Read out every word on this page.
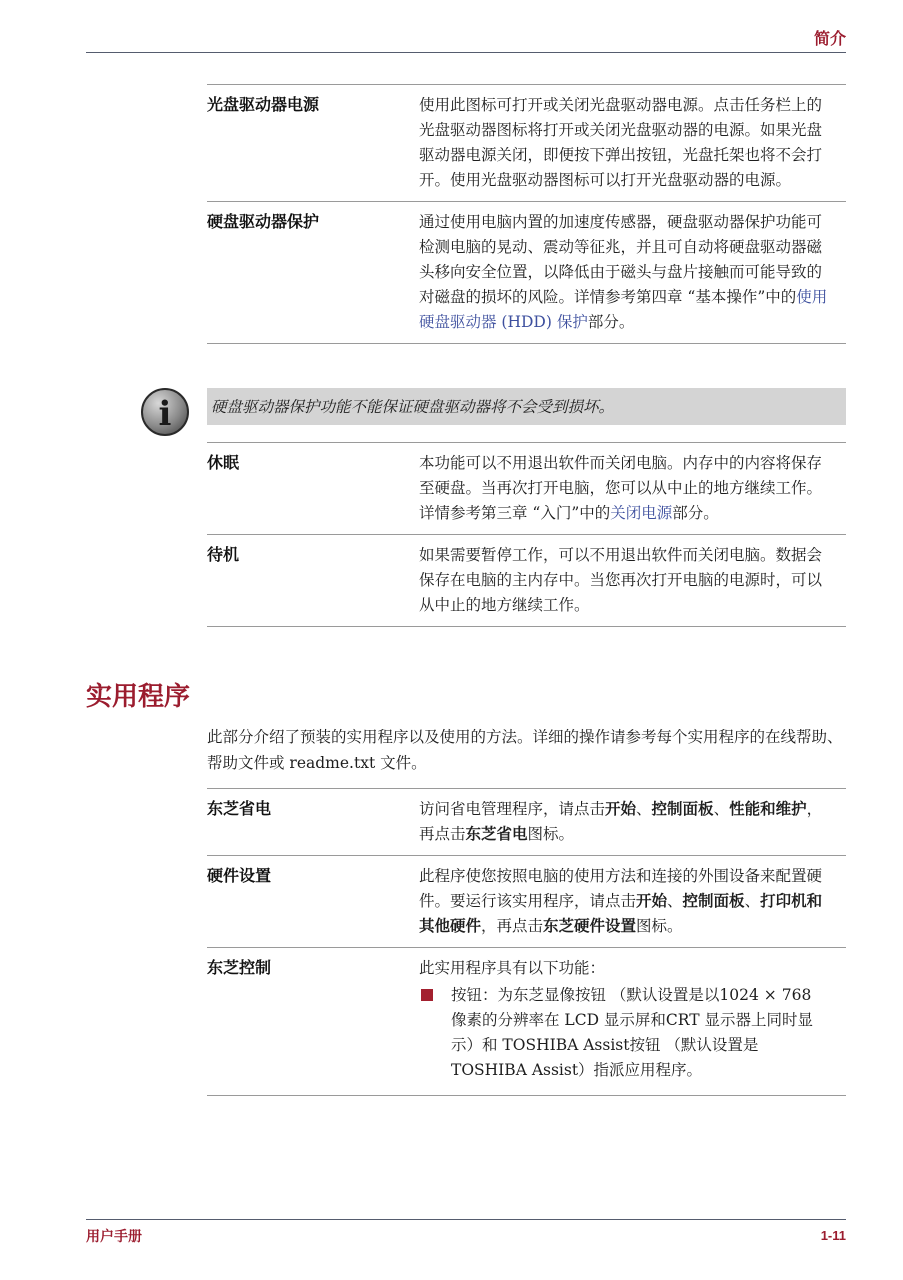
简介
光盘驱动器电源	使用此图标可打开或关闭光盘驱动器电源。点击任务栏上的光盘驱动器图标将打开或关闭光盘驱动器的电源。如果光盘驱动器电源关闭，即便按下弹出按钮，光盘托架也将不会打开。使用光盘驱动器图标可以打开光盘驱动器的电源。
硬盘驱动器保护	通过使用电脑内置的加速度传感器，硬盘驱动器保护功能可检测电脑的晃动、震动等征兆，并且可自动将硬盘驱动器磁头移向安全位置，以降低由于磁头与盘片接触而可能导致的对磁盘的损坏的风险。详情参考第四章 “基本操作”中的使用硬盘驱动器 (HDD) 保护部分。
i	硬盘驱动器保护功能不能保证硬盘驱动器将不会受到损坏。
休眠	本功能可以不用退出软件而关闭电脑。内存中的内容将保存至硬盘。当再次打开电脑，您可以从中止的地方继续工作。详情参考第三章 “入门”中的关闭电源部分。
待机	如果需要暂停工作，可以不用退出软件而关闭电脑。数据会保存在电脑的主内存中。当您再次打开电脑的电源时，可以从中止的地方继续工作。
实用程序
此部分介绍了预装的实用程序以及使用的方法。详细的操作请参考每个实用程序的在线帮助、帮助文件或 readme.txt 文件。
东芝省电	访问省电管理程序，请点击开始、控制面板、性能和维护，再点击东芝省电图标。
硬件设置	此程序使您按照电脑的使用方法和连接的外围设备来配置硬件。要运行该实用程序，请点击开始、控制面板、打印机和其他硬件，再点击东芝硬件设置图标。
东芝控制	此实用程序具有以下功能：
按钮：为东芝显像按钮 （默认设置是以1024 × 768 像素的分辨率在 LCD 显示屏和CRT 显示器上同时显示）和 TOSHIBA Assist按钮 （默认设置是 TOSHIBA Assist）指派应用程序。
用户手册	1-11
